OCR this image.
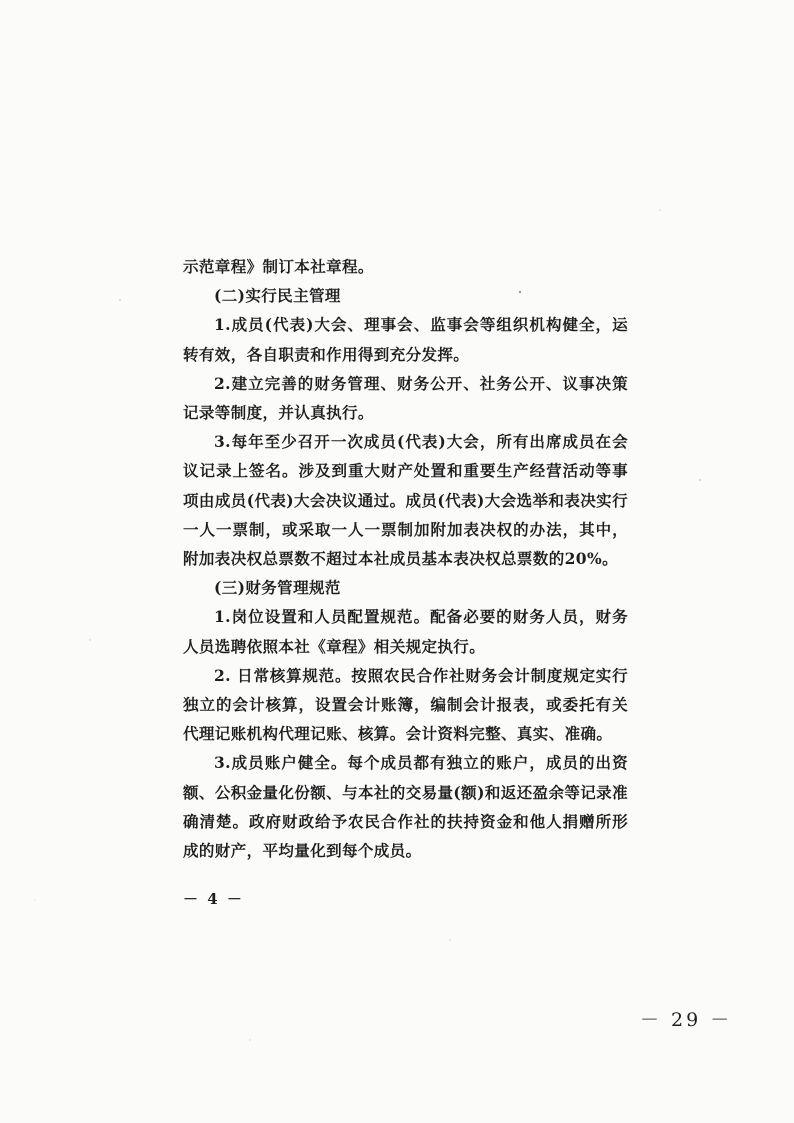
示范章程》制订本社章程。

(二)实行民主管理

1.成员(代表)大会、理事会、监事会等组织机构健全，运转有效，各自职责和作用得到充分发挥。

2.建立完善的财务管理、财务公开、社务公开、议事决策记录等制度，并认真执行。

3.每年至少召开一次成员(代表)大会，所有出席成员在会议记录上签名。涉及到重大财产处置和重要生产经营活动等事项由成员(代表)大会决议通过。成员(代表)大会选举和表决实行一人一票制，或采取一人一票制加附加表决权的办法，其中，附加表决权总票数不超过本社成员基本表决权总票数的20%。

(三)财务管理规范

1.岗位设置和人员配置规范。配备必要的财务人员，财务人员选聘依照本社《章程》相关规定执行。

2. 日常核算规范。按照农民合作社财务会计制度规定实行独立的会计核算，设置会计账簿，编制会计报表，或委托有关代理记账机构代理记账、核算。会计资料完整、真实、准确。

3.成员账户健全。每个成员都有独立的账户，成员的出资额、公积金量化份额、与本社的交易量(额)和返还盈余等记录准确清楚。政府财政给予农民合作社的扶持资金和他人捐赠所形成的财产，平均量化到每个成员。

－ 4 －
－ 29 －
